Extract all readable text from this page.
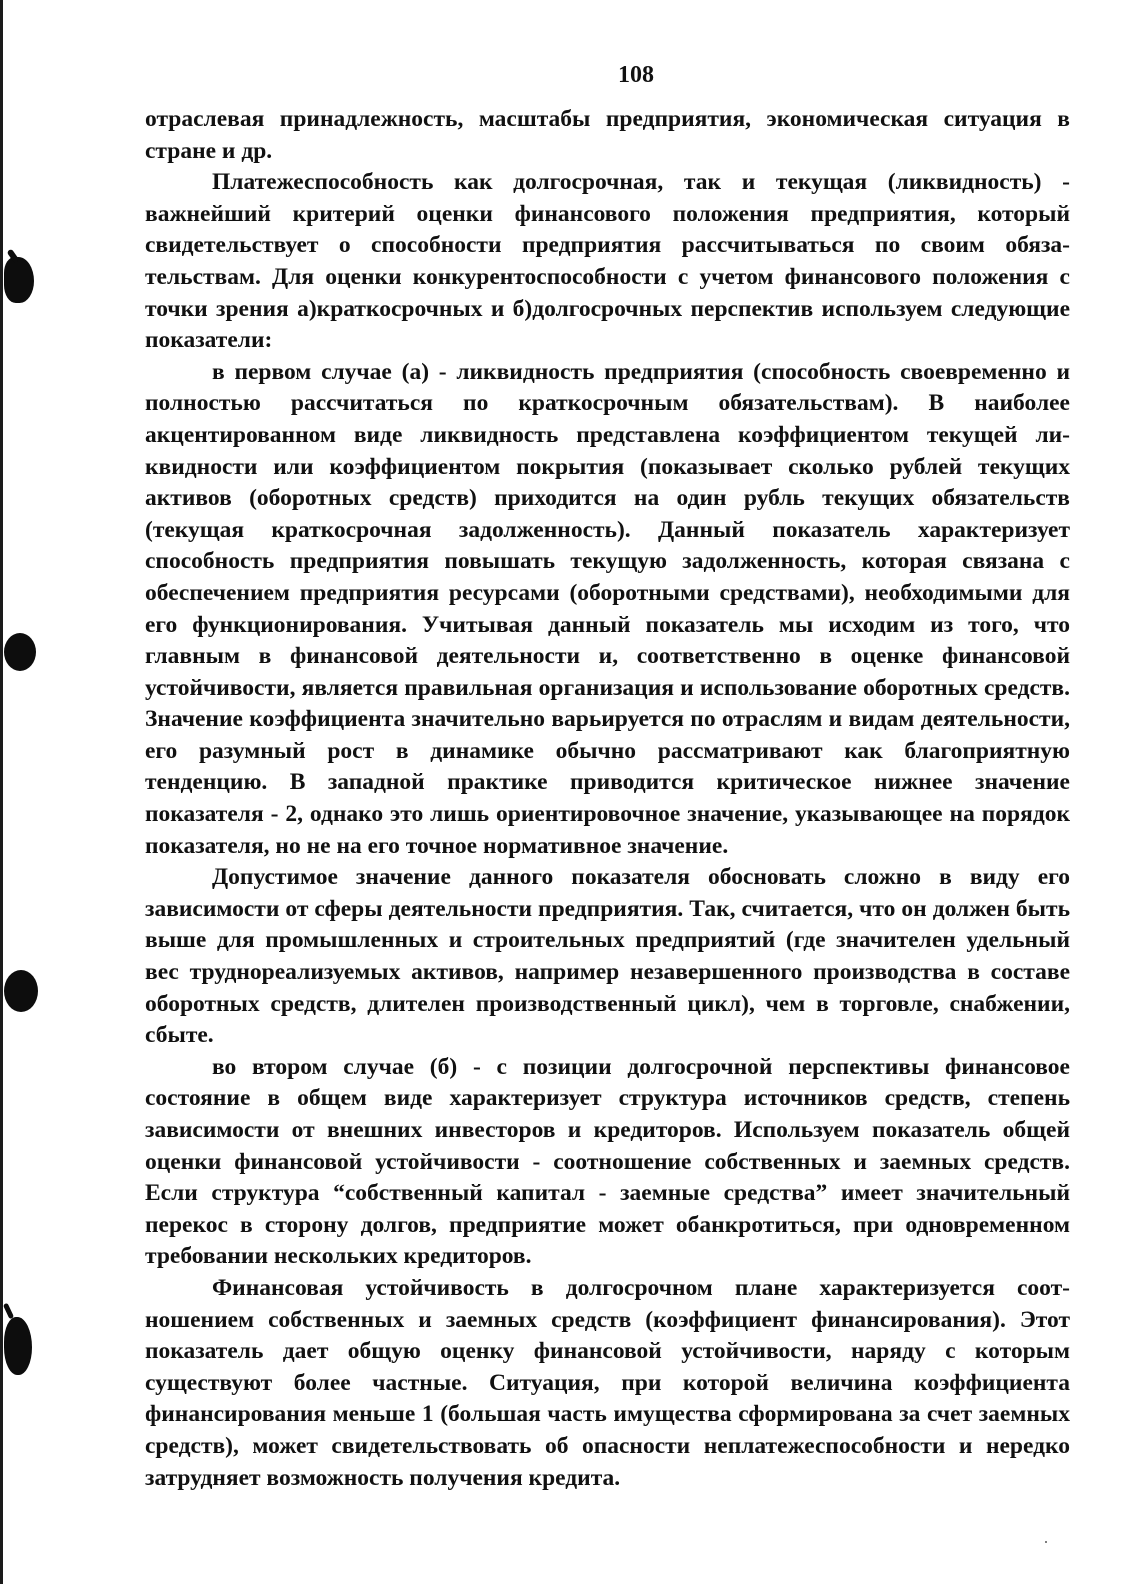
108

отраслевая принадлежность, масштабы предприятия, экономическая ситуация в стране и др.

Платежеспособность как долгосрочная, так и текущая (ликвидность) - важнейший критерий оценки финансового положения предприятия, который свидетельствует о способности предприятия рассчитываться по своим обязательствам. Для оценки конкурентоспособности с учетом финансового положения с точки зрения а)краткосрочных и б)долгосрочных перспектив используем следующие показатели:

в первом случае (а) - ликвидность предприятия (способность своевременно и полностью рассчитаться по краткосрочным обязательствам). В наиболее акцентированном виде ликвидность представлена коэффициентом текущей ликвидности или коэффициентом покрытия (показывает сколько рублей текущих активов (оборотных средств) приходится на один рубль текущих обязательств (текущая краткосрочная задолженность). Данный показатель характеризует способность предприятия повышать текущую задолженность, которая связана с обеспечением предприятия ресурсами (оборотными средствами), необходимыми для его функционирования. Учитывая данный показатель мы исходим из того, что главным в финансовой деятельности и, соответственно в оценке финансовой устойчивости, является правильная организация и использование оборотных средств. Значение коэффициента значительно варьируется по отраслям и видам деятельности, его разумный рост в динамике обычно рассматривают как благоприятную тенденцию. В западной практике приводится критическое нижнее значение показателя - 2, однако это лишь ориентировочное значение, указывающее на порядок показателя, но не на его точное нормативное значение.

Допустимое значение данного показателя обосновать сложно в виду его зависимости от сферы деятельности предприятия. Так, считается, что он должен быть выше для промышленных и строительных предприятий (где значителен удельный вес труднореализуемых активов, например незавершенного производства в составе оборотных средств, длителен производственный цикл), чем в торговле, снабжении, сбыте.

во втором случае (б) - с позиции долгосрочной перспективы финансовое состояние в общем виде характеризует структура источников средств, степень зависимости от внешних инвесторов и кредиторов. Используем показатель общей оценки финансовой устойчивости - соотношение собственных и заемных средств. Если структура “собственный капитал - заемные средства” имеет значительный перекос в сторону долгов, предприятие может обанкротиться, при одновременном требовании нескольких кредиторов.

Финансовая устойчивость в долгосрочном плане характеризуется соотношением собственных и заемных средств (коэффициент финансирования). Этот показатель дает общую оценку финансовой устойчивости, наряду с которым существуют более частные. Ситуация, при которой величина коэффициента финансирования меньше 1 (большая часть имущества сформирована за счет заемных средств), может свидетельствовать об опасности неплатежеспособности и нередко затрудняет возможность получения кредита.
